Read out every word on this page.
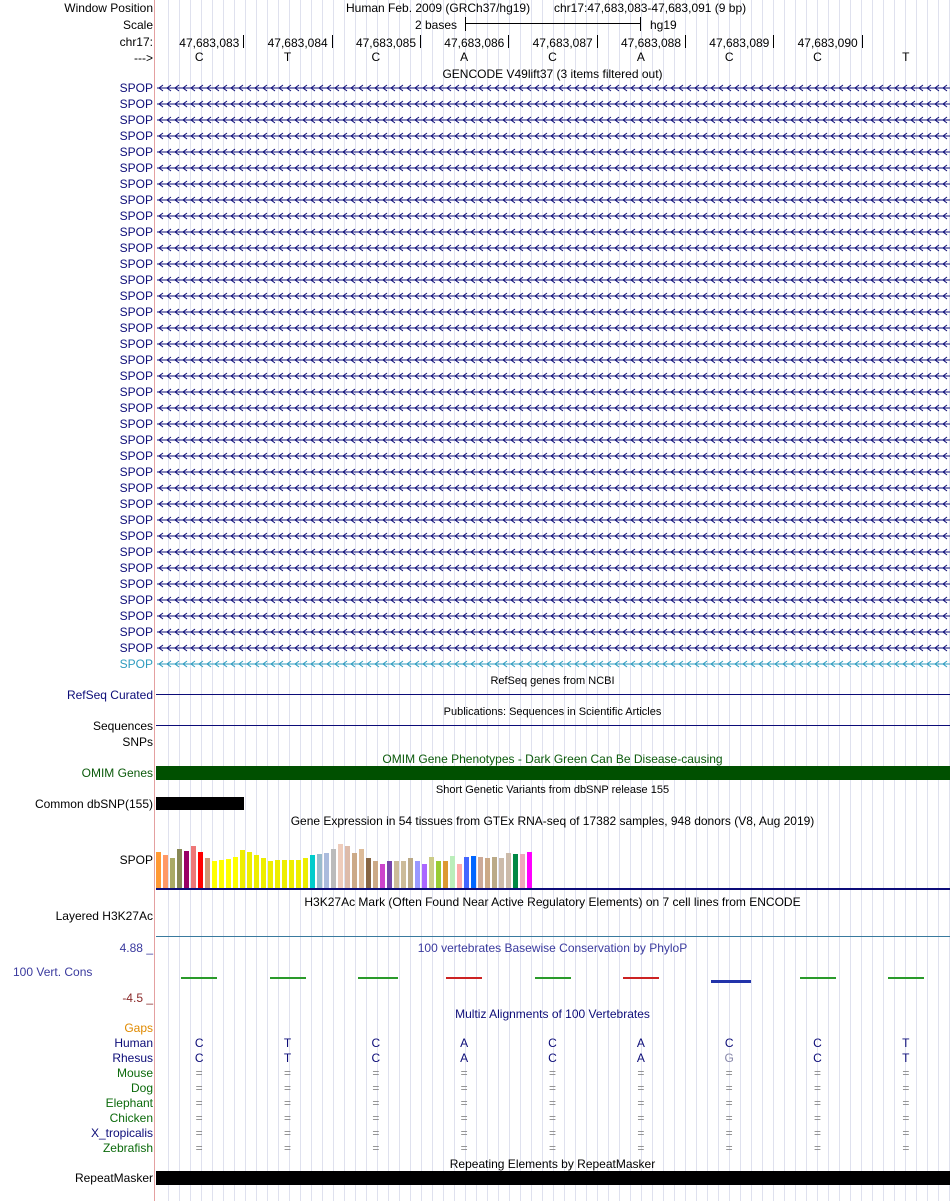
Window Position
Scale
chr17:
--->
Human Feb. 2009 (GRCh37/hg19) chr17:47,683,083-47,683,091 (9 bp)
2 bases	hg19
GENCODE V49lift37 (3 items filtered out)
SPOP
SPOP
SPOP
SPOP
SPOP
SPOP
SPOP
SPOP
SPOP
SPOP
SPOP
SPOP
SPOP
SPOP
SPOP
SPOP
SPOP
SPOP
SPOP
SPOP
SPOP
SPOP
SPOP
SPOP
SPOP
SPOP
SPOP
SPOP
SPOP
SPOP
SPOP
SPOP
SPOP
SPOP
SPOP
SPOP
SPOP
RefSeq genes from NCBI
RefSeq Curated
Publications: Sequences in Scientific Articles
Sequences
SNPs
OMIM Gene Phenotypes - Dark Green Can Be Disease-causing
OMIM Genes
Short Genetic Variants from dbSNP release 155
Common dbSNP(155)
Gene Expression in 54 tissues from GTEx RNA-seq of 17382 samples, 948 donors (V8, Aug 2019)
SPOP
H3K27Ac Mark (Often Found Near Active Regulatory Elements) on 7 cell lines from ENCODE
Layered H3K27Ac
100 vertebrates Basewise Conservation by PhyloP
4.88 _
100 Vert. Cons
-4.5 _
Multiz Alignments of 100 Vertebrates
Gaps
Human	C	T	C	A	C	A	C	C	T
Rhesus	C	T	C	A	C	A	G	C	T
Mouse	=	=	=	=	=	=	=	=	=
Dog	=	=	=	=	=	=	=	=	=
Elephant	=	=	=	=	=	=	=	=	=
Chicken	=	=	=	=	=	=	=	=	=
X_tropicalis	=	=	=	=	=	=	=	=	=
Zebrafish	=	=	=	=	=	=	=	=	=
Repeating Elements by RepeatMasker
RepeatMasker
47,683,083 47,683,084 47,683,085 47,683,086 47,683,087 47,683,088 47,683,089 47,683,090
C	T	C	A	C	A	C	C	T
